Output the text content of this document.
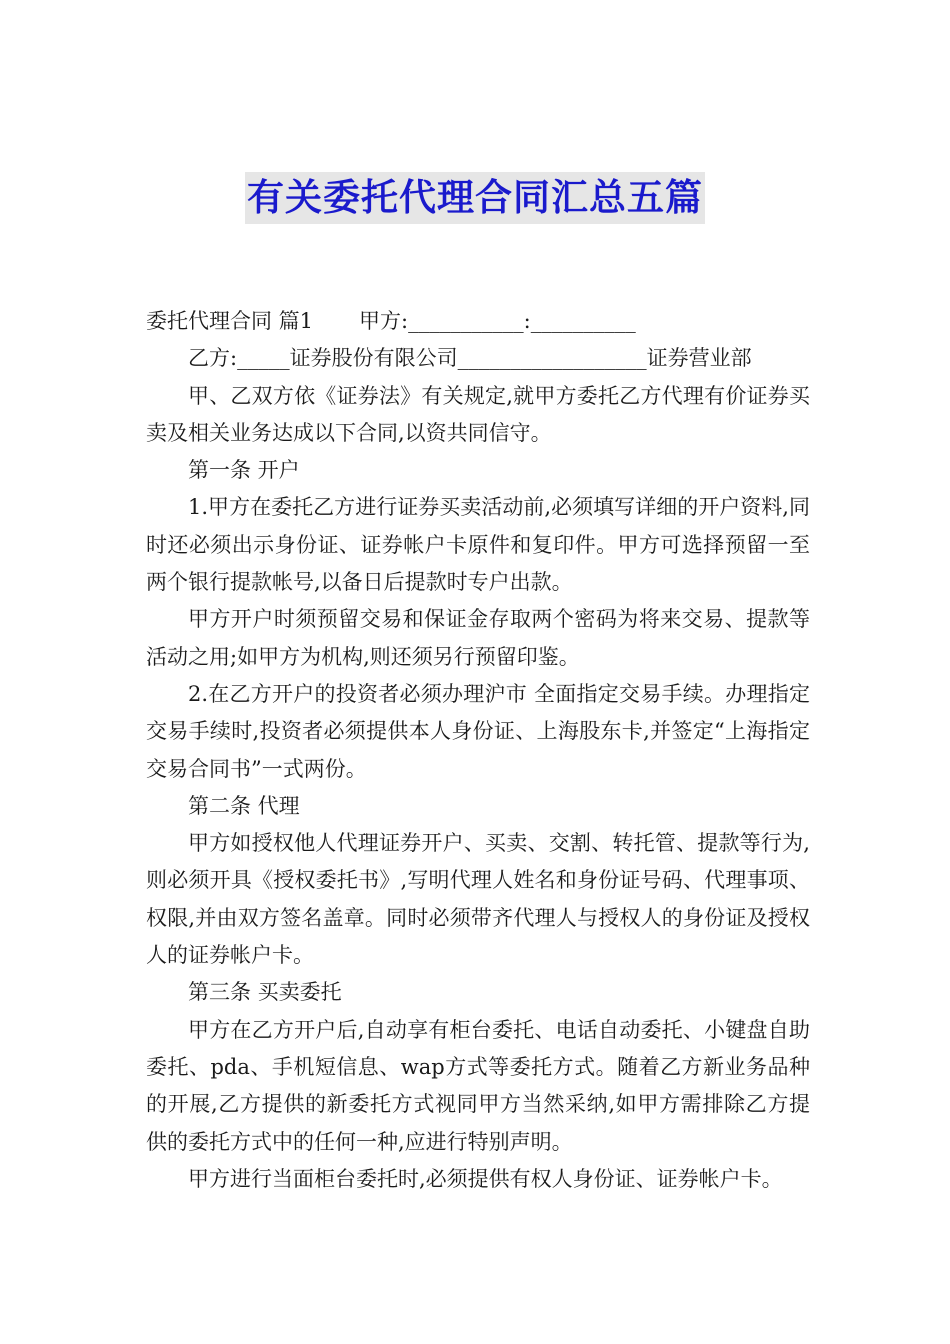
有关委托代理合同汇总五篇

委托代理合同 篇1 甲方:___________:__________

乙方:_____证券股份有限公司__________________证券营业部

甲、乙双方依《证券法》有关规定,就甲方委托乙方代理有价证券买卖及相关业务达成以下合同,以资共同信守。

第一条 开户

1.甲方在委托乙方进行证券买卖活动前,必须填写详细的开户资料,同时还必须出示身份证、证券帐户卡原件和复印件。甲方可选择预留一至两个银行提款帐号,以备日后提款时专户出款。

甲方开户时须预留交易和保证金存取两个密码为将来交易、提款等活动之用;如甲方为机构,则还须另行预留印鉴。

2.在乙方开户的投资者必须办理沪市 全面指定交易手续。办理指定交易手续时,投资者必须提供本人身份证、上海股东卡,并签定“上海指定交易合同书”一式两份。

第二条 代理

甲方如授权他人代理证券开户、买卖、交割、转托管、提款等行为,则必须开具《授权委托书》,写明代理人姓名和身份证号码、代理事项、权限,并由双方签名盖章。同时必须带齐代理人与授权人的身份证及授权人的证券帐户卡。

第三条 买卖委托

甲方在乙方开户后,自动享有柜台委托、电话自动委托、小键盘自助委托、pda、手机短信息、wap方式等委托方式。随着乙方新业务品种的开展,乙方提供的新委托方式视同甲方当然采纳,如甲方需排除乙方提供的委托方式中的任何一种,应进行特别声明。

甲方进行当面柜台委托时,必须提供有权人身份证、证券帐户卡。
